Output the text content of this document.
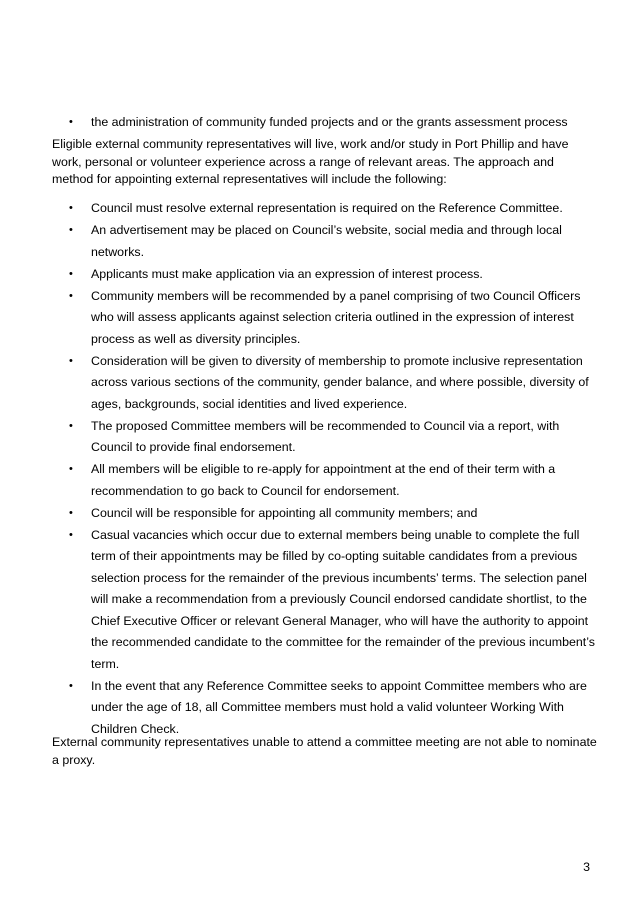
• the administration of community funded projects and or the grants assessment process

Eligible external community representatives will live, work and/or study in Port Phillip and have work, personal or volunteer experience across a range of relevant areas. The approach and method for appointing external representatives will include the following:

• Council must resolve external representation is required on the Reference Committee.
• An advertisement may be placed on Council’s website, social media and through local networks.
• Applicants must make application via an expression of interest process.
• Community members will be recommended by a panel comprising of two Council Officers who will assess applicants against selection criteria outlined in the expression of interest process as well as diversity principles.
• Consideration will be given to diversity of membership to promote inclusive representation across various sections of the community, gender balance, and where possible, diversity of ages, backgrounds, social identities and lived experience.
• The proposed Committee members will be recommended to Council via a report, with Council to provide final endorsement.
• All members will be eligible to re-apply for appointment at the end of their term with a recommendation to go back to Council for endorsement.
• Council will be responsible for appointing all community members; and
• Casual vacancies which occur due to external members being unable to complete the full term of their appointments may be filled by co-opting suitable candidates from a previous selection process for the remainder of the previous incumbents’ terms. The selection panel will make a recommendation from a previously Council endorsed candidate shortlist, to the Chief Executive Officer or relevant General Manager, who will have the authority to appoint the recommended candidate to the committee for the remainder of the previous incumbent’s term.
• In the event that any Reference Committee seeks to appoint Committee members who are under the age of 18, all Committee members must hold a valid volunteer Working With Children Check.

External community representatives unable to attend a committee meeting are not able to nominate a proxy.

3
